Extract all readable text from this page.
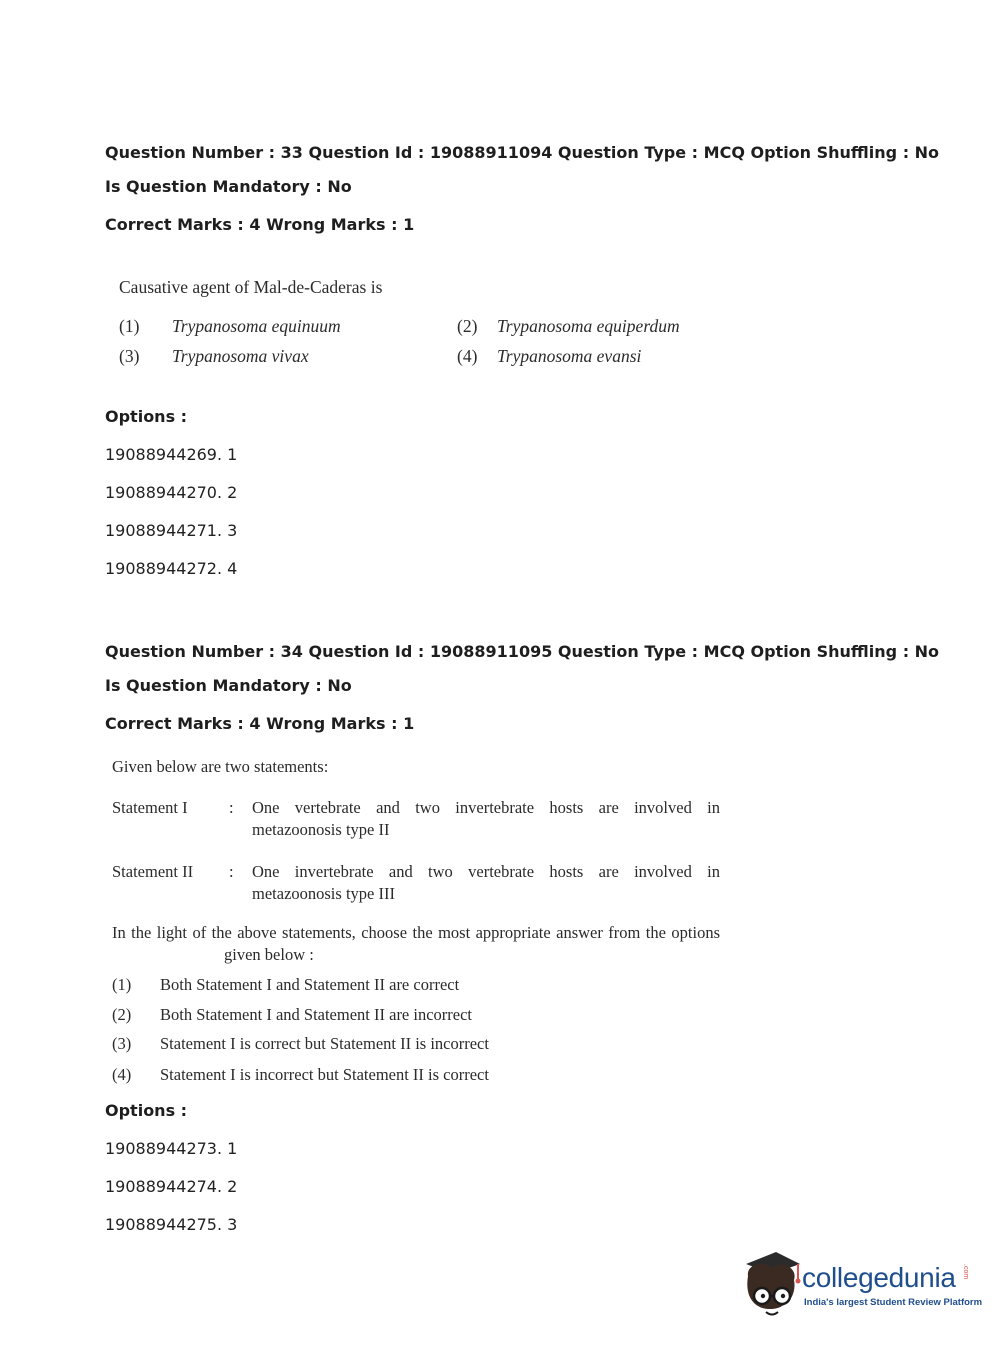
Question Number : 33 Question Id : 19088911094 Question Type : MCQ Option Shuffling : No
Is Question Mandatory : No
Correct Marks : 4 Wrong Marks : 1
Causative agent of Mal-de-Caderas is
(1) Trypanosoma equinuum	(2) Trypanosoma equiperdum
(3) Trypanosoma vivax	(4) Trypanosoma evansi
Options :
19088944269. 1
19088944270. 2
19088944271. 3
19088944272. 4
Question Number : 34 Question Id : 19088911095 Question Type : MCQ Option Shuffling : No
Is Question Mandatory : No
Correct Marks : 4 Wrong Marks : 1
Given below are two statements:
Statement I	: One vertebrate and two invertebrate hosts are involved in
metazoonosis type II
Statement II : One invertebrate and two vertebrate hosts are involved in
metazoonosis type III
In the light of the above statements, choose the most appropriate answer from the options
given below :
(1) Both Statement I and Statement II are correct
(2) Both Statement I and Statement II are incorrect
(3) Statement I is correct but Statement II is incorrect
(4) Statement I is incorrect but Statement II is correct
Options :
19088944273. 1
19088944274. 2
19088944275. 3
collegedunia .com
India's largest Student Review Platform
